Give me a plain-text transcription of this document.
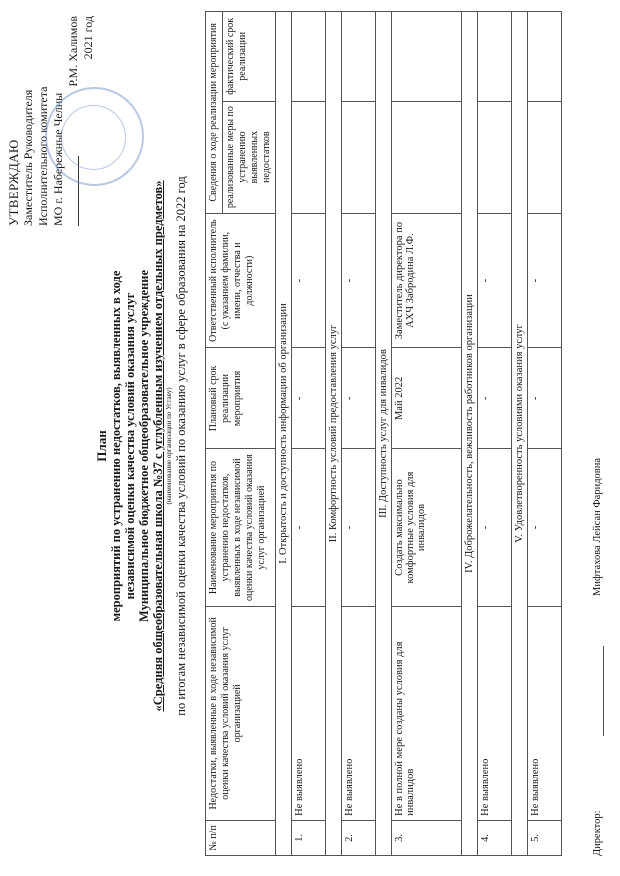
УТВЕРЖДАЮ Заместитель Руководителя Исполнительного комитета МО г. Набережные Челны
Р.М. Халимов 2021 год
План мероприятий по устранению недостатков, выявленных в ходе независимой оценки качества условий оказания услуг Муниципальное бюджетное общеобразовательное учреждение «Средняя общеобразовательная школа №37 с углубленным изучением отдельных предметов» (наименование организации по Уставу) по итогам независимой оценки качества условий по оказанию услуг в сфере образования на 2022 год
№ п/п	Недостатки, выявленные в ходе независимой оценки качества условий оказания услуг организацией	Наименование мероприятия по устранению недостатков, выявленных в ходе независимой оценки качества условий оказания услуг организацией	Плановый срок реализации мероприятия	Ответственный исполнитель (с указанием фамилии, имени, отчества и должности)	Сведения о ходе реализации мероприятия	
					реализованные меры по устранению выявленных недостатков	фактический срок реализации
I. Открытость и доступность информации об организации						
1.	Не выявлено	-	-	-		
II. Комфортность условий предоставления услуг						
2.	Не выявлено	-	-	-		
III. Доступность услуг для инвалидов						
3.	Не в полной мере созданы условия для инвалидов	Создать максимально комфортные условия для инвалидов	Май 2022	Заместитель директора по АХЧ Забродина Л.Ф.		
IV. Доброжелательность, вежливость работников организации						
4.	Не выявлено	-	-	-		
V. Удовлетворенность условиями оказания услуг						
5.	Не выявлено	-	-	-		
Директор:
Мифтахова Лейсан Фаридовна
